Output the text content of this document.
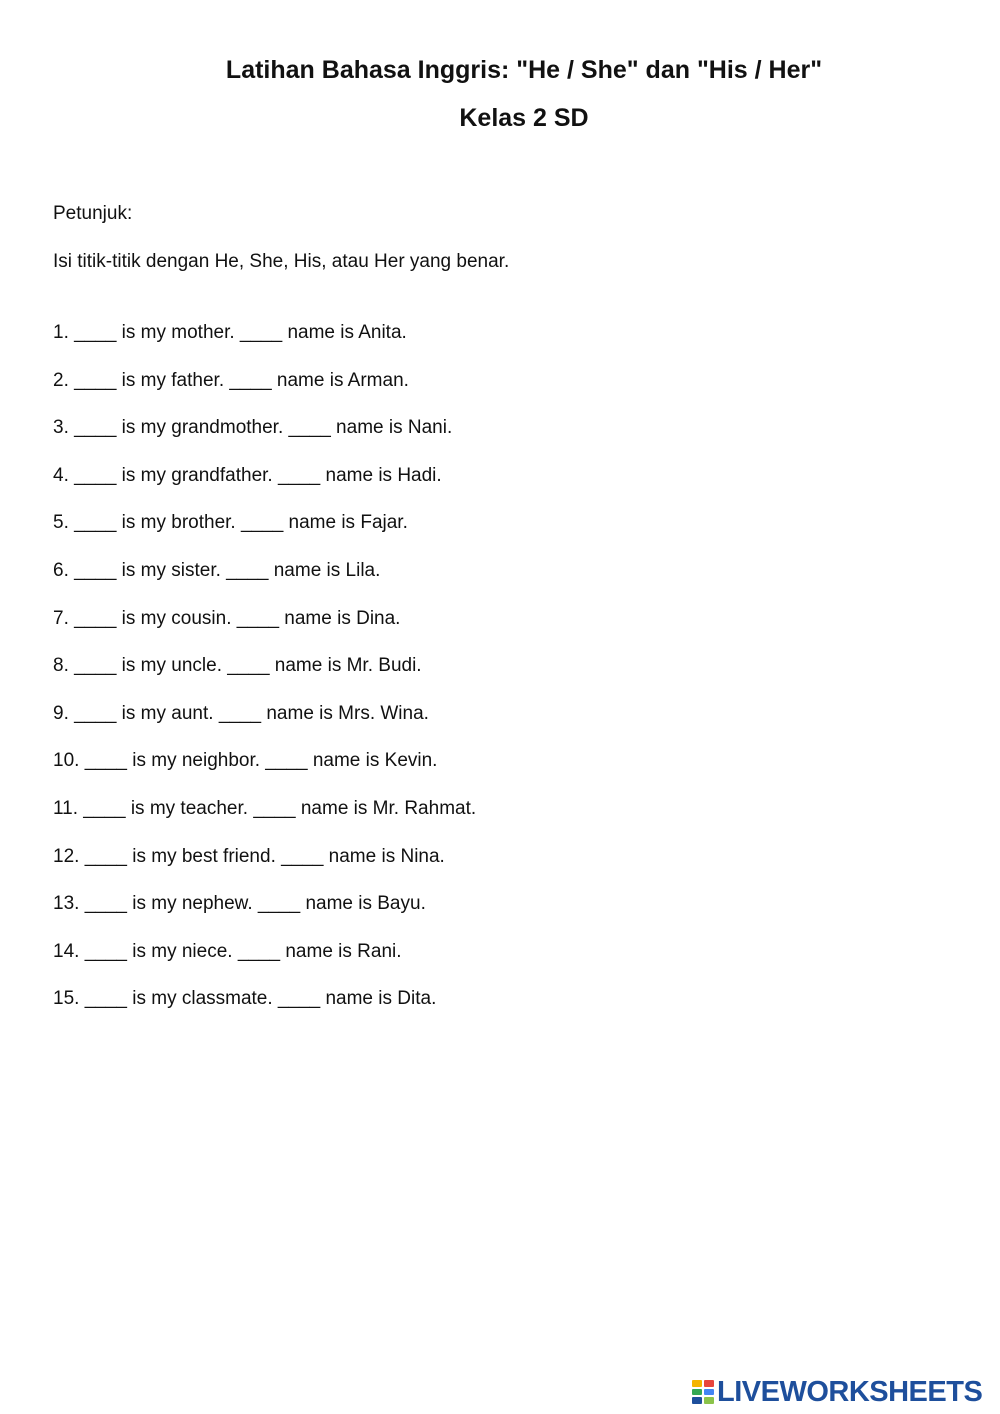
Latihan Bahasa Inggris: "He / She" dan "His / Her"
Kelas 2 SD

Petunjuk:

Isi titik-titik dengan He, She, His, atau Her yang benar.

1. ____ is my mother. ____ name is Anita.
2. ____ is my father. ____ name is Arman.
3. ____ is my grandmother. ____ name is Nani.
4. ____ is my grandfather. ____ name is Hadi.
5. ____ is my brother. ____ name is Fajar.
6. ____ is my sister. ____ name is Lila.
7. ____ is my cousin. ____ name is Dina.
8. ____ is my uncle. ____ name is Mr. Budi.
9. ____ is my aunt. ____ name is Mrs. Wina.
10. ____ is my neighbor. ____ name is Kevin.
11. ____ is my teacher. ____ name is Mr. Rahmat.
12. ____ is my best friend. ____ name is Nina.
13. ____ is my nephew. ____ name is Bayu.
14. ____ is my niece. ____ name is Rani.
15. ____ is my classmate. ____ name is Dita.
LIVEWORKSHEETS
